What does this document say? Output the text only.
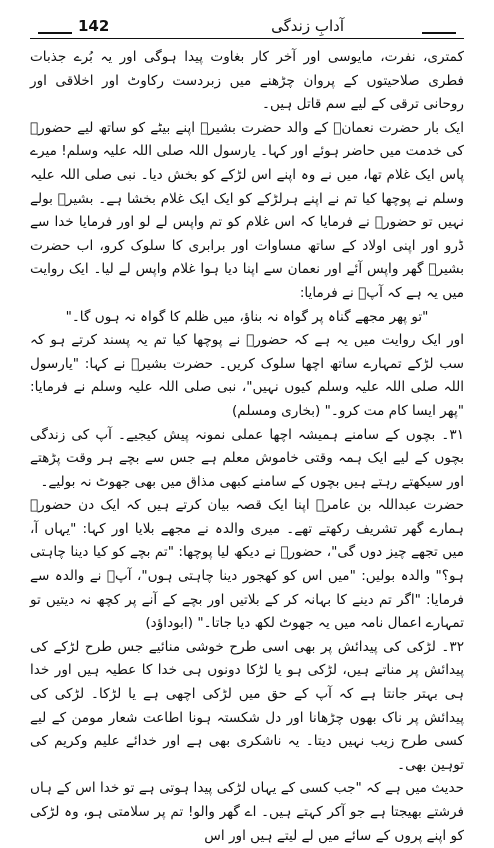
142	آدابِ زندگی

کمتری، نفرت، مایوسی اور آخر کار بغاوت پیدا ہوگی اور یہ بُرے جذبات فطری صلاحیتوں کے پروان چڑھنے میں زبردست رکاوٹ اور اخلاقی اور روحانی ترقی کے لیے سم قاتل ہیں۔

ایک بار حضرت نعمانؓ کے والد حضرت بشیرؓ اپنے بیٹے کو ساتھ لیے حضورؐ کی خدمت میں حاضر ہوئے اور کہا۔ یارسول اللہ صلی اللہ علیہ وسلم! میرے پاس ایک غلام تھا، میں نے وہ اپنے اس لڑکے کو بخش دیا۔ نبی صلی اللہ علیہ وسلم نے پوچھا کیا تم نے اپنے ہرلڑکے کو ایک ایک غلام بخشا ہے۔ بشیرؓ بولے نہیں تو حضورؐ نے فرمایا کہ اس غلام کو تم واپس لے لو اور فرمایا خدا سے ڈرو اور اپنی اولاد کے ساتھ مساوات اور برابری کا سلوک کرو، اب حضرت بشیرؓ گھر واپس آئے اور نعمان سے اپنا دیا ہوا غلام واپس لے لیا۔ ایک روایت میں یہ ہے کہ آپؐ نے فرمایا:

"تو پھر مجھے گناہ پر گواہ نہ بناؤ، میں ظلم کا گواہ نہ ہوں گا۔"

اور ایک روایت میں یہ ہے کہ حضورؐ نے پوچھا کیا تم یہ پسند کرتے ہو کہ سب لڑکے تمہارے ساتھ اچھا سلوک کریں۔ حضرت بشیرؓ نے کہا: "یارسول اللہ صلی اللہ علیہ وسلم کیوں نہیں"، نبی صلی اللہ علیہ وسلم نے فرمایا: "پھر ایسا کام مت کرو۔" (بخاری ومسلم)

۳۱۔ بچوں کے سامنے ہمیشہ اچھا عملی نمونہ پیش کیجیے۔ آپ کی زندگی بچوں کے لیے ایک ہمہ وقتی خاموش معلم ہے جس سے بچے ہر وقت پڑھتے اور سیکھتے رہتے ہیں بچوں کے سامنے کبھی مذاق میں بھی جھوٹ نہ بولیے۔

حضرت عبداللہ بن عامرؓ اپنا ایک قصہ بیان کرتے ہیں کہ ایک دن حضورؐ ہمارے گھر تشریف رکھتے تھے۔ میری والدہ نے مجھے بلایا اور کہا: "یہاں آ، میں تجھے چیز دوں گی"، حضورؐ نے دیکھ لیا پوچھا: "تم بچے کو کیا دینا چاہتی ہو؟" والدہ بولیں: "میں اس کو کھجور دینا چاہتی ہوں"، آپؐ نے والدہ سے فرمایا: "اگر تم دینے کا بہانہ کر کے بلاتیں اور بچے کے آنے پر کچھ نہ دیتیں تو تمہارے اعمال نامہ میں یہ جھوٹ لکھ دیا جاتا۔" (ابوداؤد)

۳۲۔ لڑکی کی پیدائش پر بھی اسی طرح خوشی منائیے جس طرح لڑکے کی پیدائش پر مناتے ہیں، لڑکی ہو یا لڑکا دونوں ہی خدا کا عطیہ ہیں اور خدا ہی بہتر جانتا ہے کہ آپ کے حق میں لڑکی اچھی ہے یا لڑکا۔ لڑکی کی پیدائش پر ناک بھوں چڑھانا اور دل شکستہ ہونا اطاعت شعار مومن کے لیے کسی طرح زیب نہیں دیتا۔ یہ ناشکری بھی ہے اور خدائے علیم وکریم کی توہین بھی۔

حدیث میں ہے کہ "جب کسی کے یہاں لڑکی پیدا ہوتی ہے تو خدا اس کے ہاں فرشتے بھیجتا ہے جو آکر کہتے ہیں۔ اے گھر والو! تم پر سلامتی ہو، وہ لڑکی کو اپنے پروں کے سائے میں لے لیتے ہیں اور اس
